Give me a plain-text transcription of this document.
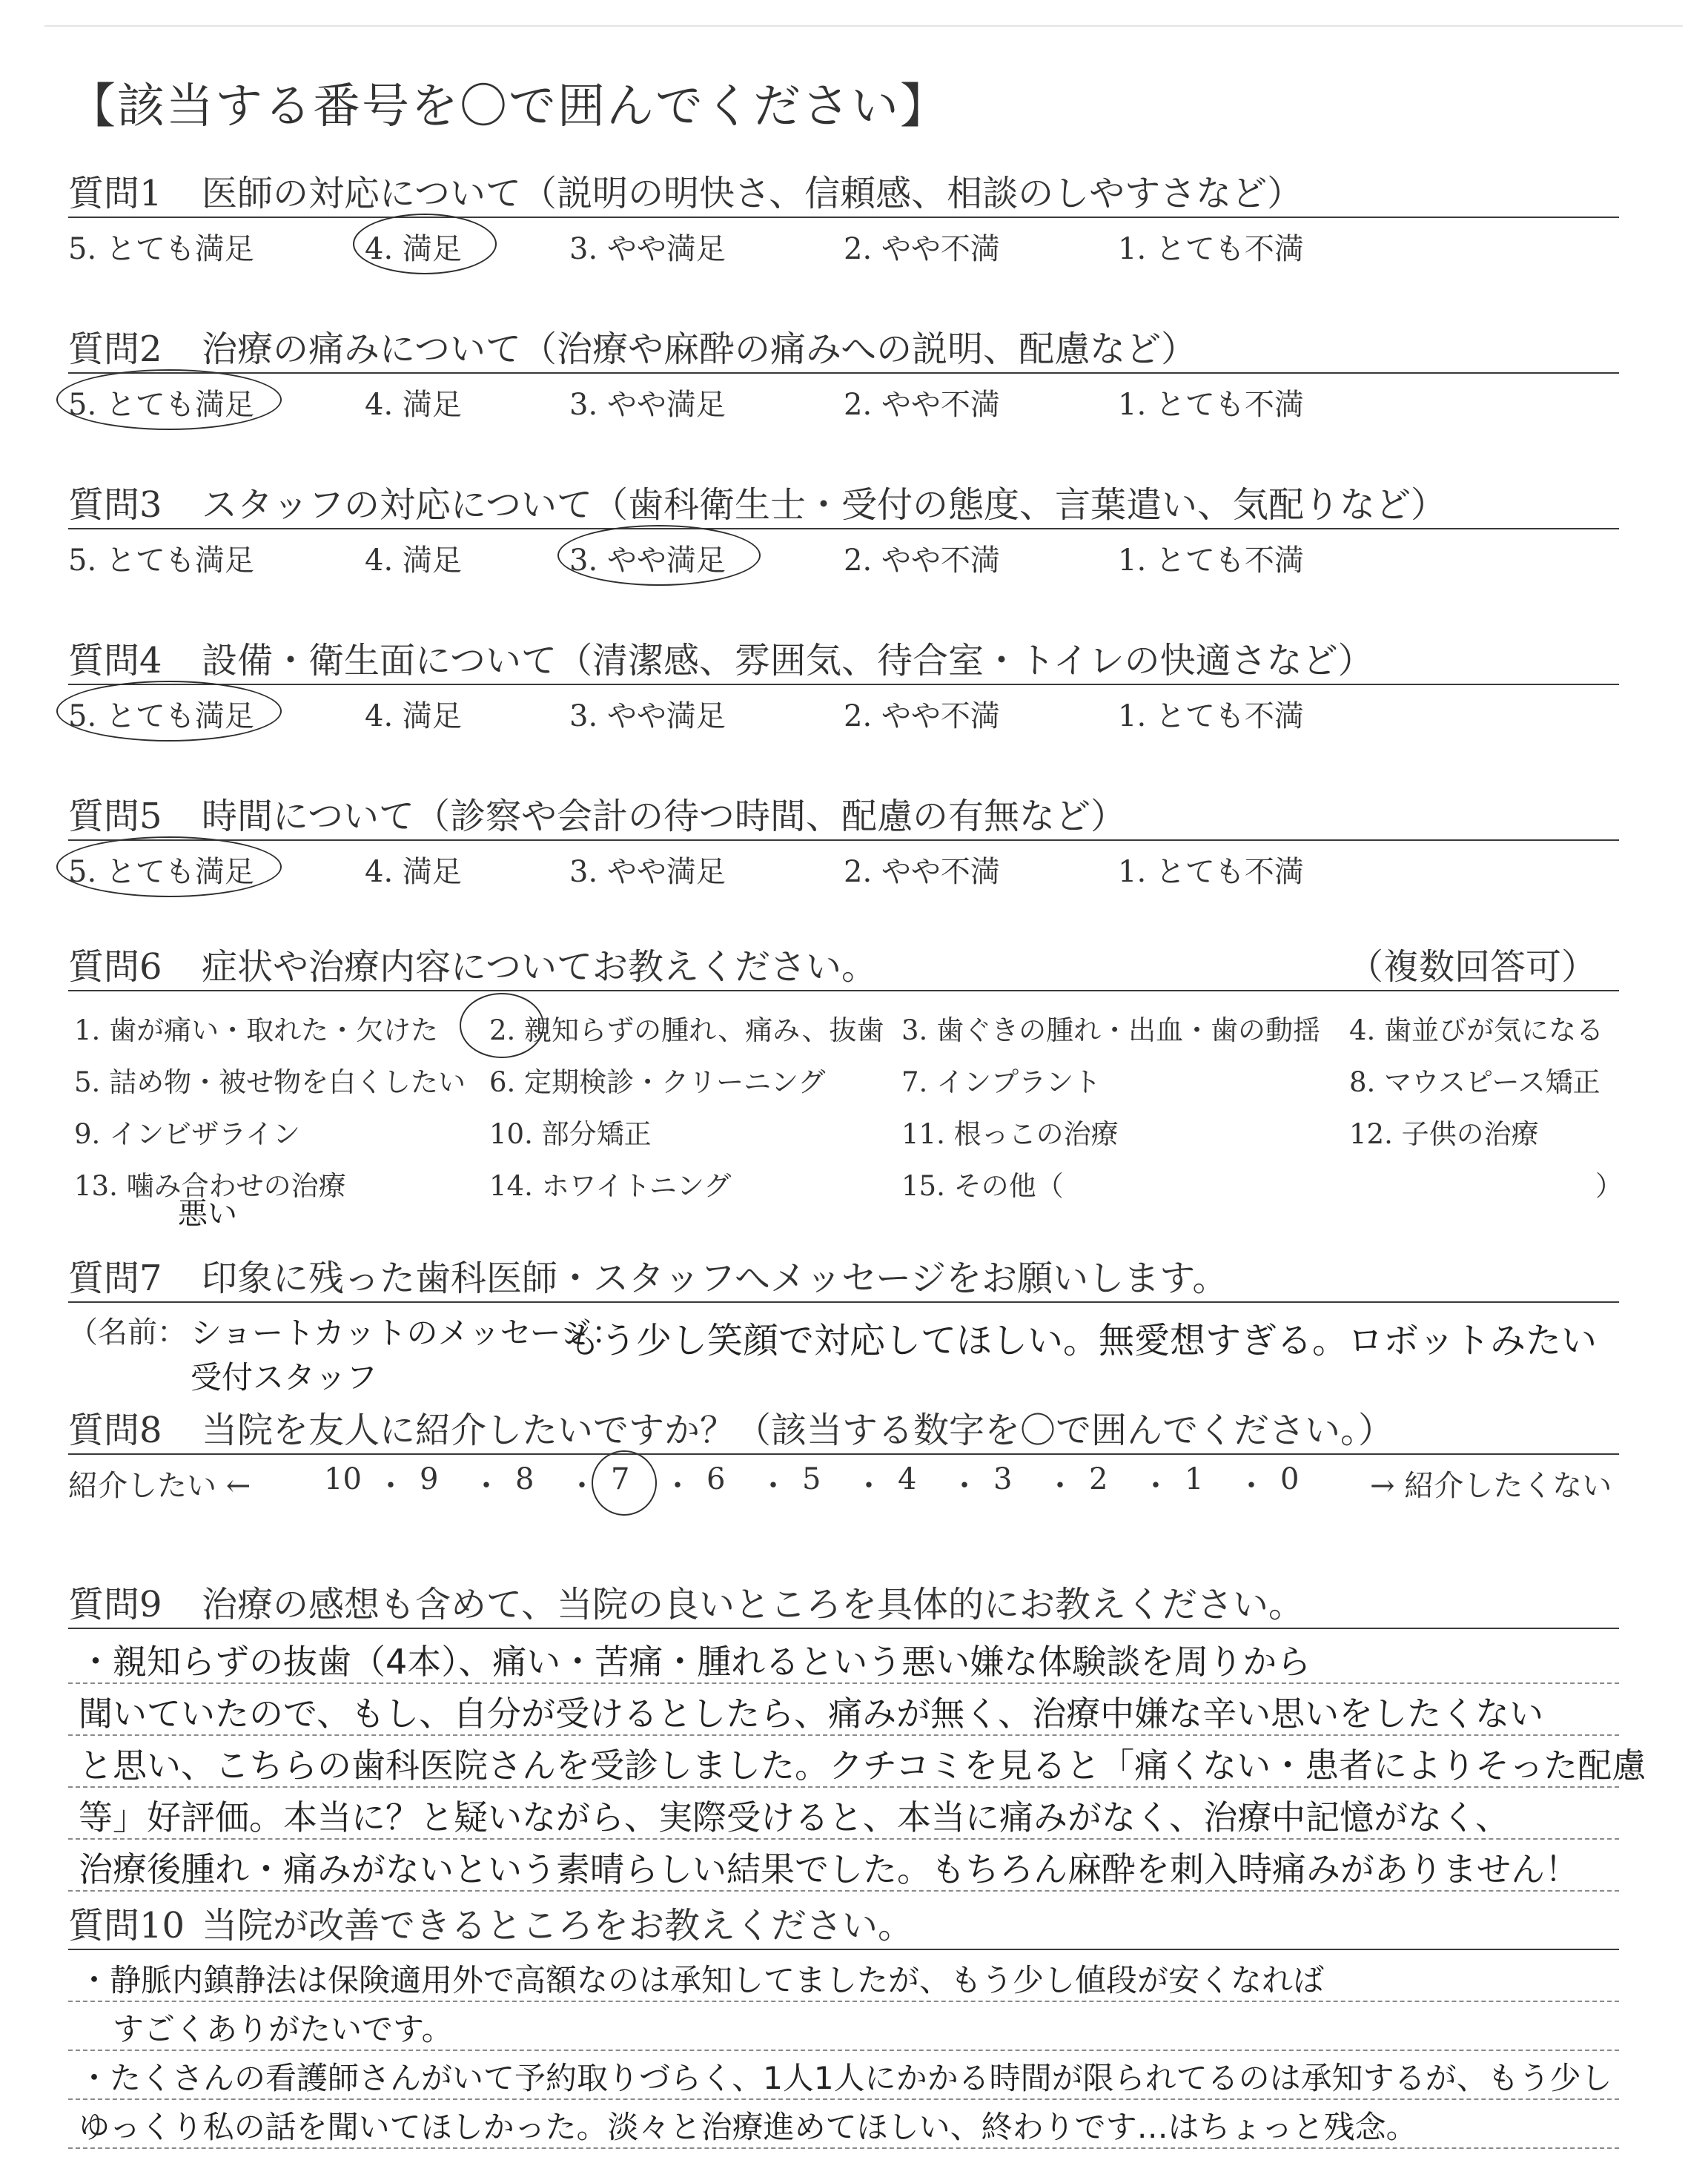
【該当する番号を〇で囲んでください】
質問1 医師の対応について（説明の明快さ、信頼感、相談のしやすさなど）
5. とても満足	4. 満足	3. やや満足	2. やや不満	1. とても不満
質問2 治療の痛みについて（治療や麻酔の痛みへの説明、配慮など）
5. とても満足	4. 満足	3. やや満足	2. やや不満	1. とても不満
質問3 スタッフの対応について（歯科衛生士・受付の態度、言葉遣い、気配りなど）
5. とても満足	4. 満足	3. やや満足	2. やや不満	1. とても不満
質問4 設備・衛生面について（清潔感、雰囲気、待合室・トイレの快適さなど）
5. とても満足	4. 満足	3. やや満足	2. やや不満	1. とても不満
質問5 時間について（診察や会計の待つ時間、配慮の有無など）
5. とても満足	4. 満足	3. やや満足	2. やや不満	1. とても不満
質問6 症状や治療内容についてお教えください。	（複数回答可）
1. 歯が痛い・取れた・欠けた 2. 親知らずの腫れ、痛み、抜歯 3. 歯ぐきの腫れ・出血・歯の動揺 4. 歯並びが気になる
5. 詰め物・被せ物を白くしたい 6. 定期検診・クリーニング	7. インプラント	8. マウスピース矯正
9. インビザライン	10. 部分矯正	11. 根っこの治療	12. 子供の治療
13. 噛み合わせの治療	14. ホワイトニング	15. その他（	）
悪い
質問7 印象に残った歯科医師・スタッフへメッセージをお願いします。
（名前： ショートカットのメッセージ：
受付スタッフ
もう少し笑顔で対応してほしい。無愛想すぎる。ロボットみたい
質問8 当院を友人に紹介したいですか？（該当する数字を〇で囲んでください。）
紹介したい ←	→ 紹介したくない
10 ・ 9 ・ 8 ・ 7 ・ 6 ・ 5 ・ 4 ・ 3 ・ 2 ・ 1 ・ 0
質問9 治療の感想も含めて、当院の良いところを具体的にお教えください。
・親知らずの抜歯（4本）、痛い・苦痛・腫れるという悪い嫌な体験談を周りから
聞いていたので、もし、自分が受けるとしたら、痛みが無く、治療中嫌な辛い思いをしたくない
と思い、こちらの歯科医院さんを受診しました。クチコミを見ると「痛くない・患者によりそった配慮
等」好評価。本当に？と疑いながら、実際受けると、本当に痛みがなく、治療中記憶がなく、
治療後腫れ・痛みがないという素晴らしい結果でした。もちろん麻酔を刺入時痛みがありません！
質問10 当院が改善できるところをお教えください。
・静脈内鎮静法は保険適用外で高額なのは承知してましたが、もう少し値段が安くなれば
すごくありがたいです。
・たくさんの看護師さんがいて予約取りづらく、1人1人にかかる時間が限られてるのは承知するが、もう少し
ゆっくり私の話を聞いてほしかった。淡々と治療進めてほしい、終わりです…はちょっと残念。
